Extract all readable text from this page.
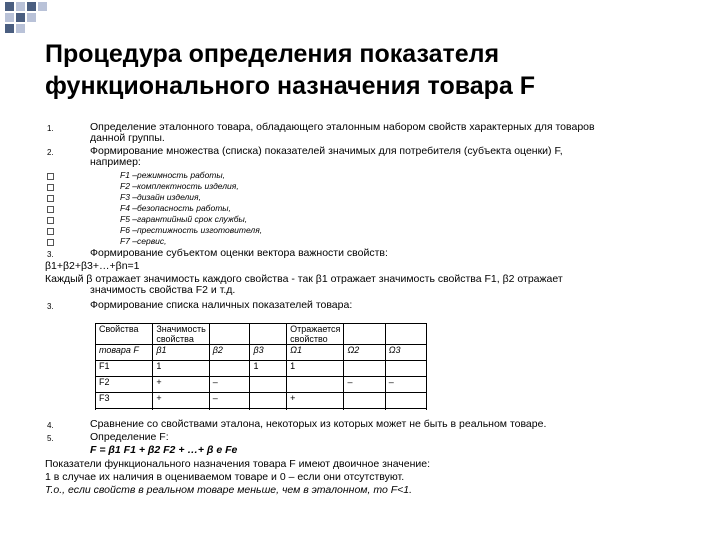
Процедура определения показателя
функционального назначения товара F
1.	Определение эталонного товара, обладающего эталонным набором свойств характерных для товаров
данной группы.
2.	Формирование множества (списка) показателей значимых для потребителя (субъекта оценки) F,
например:
F1 –режимность работы,
F2 –комплектность изделия,
F3 –дизайн изделия,
F4 –безопасность работы,
F5 –гарантийный срок службы,
F6 –престижность изготовителя,
F7 –сервис,
3.	Формирование субъектом оценки вектора важности свойств:
β1+β2+β3+…+βn=1
Каждый β отражает значимость каждого свойства - так β1 отражает значимость свойства F1, β2 отражает
значимость свойства F2 и т.д.
3.	Формирование списка наличных показателей товара:
Свойства	Значимость свойства			Отражается свойство		
товара F	β1	β2	β3	Ω1	Ω2	Ω3
F1	1		1	1		
F2	+	–			–	–
F3	+	–		+		

4.	Сравнение со свойствами эталона, некоторых из которых может не быть в реальном товаре.
5.	Определение F:
F = β1 F1 + β2 F2 + …+ β e Fe
Показатели функционального назначения товара F имеют двоичное значение:
1 в случае их наличия в оцениваемом товаре и 0 – если они отсутствуют.
Т.о., если свойств в реальном товаре меньше, чем в эталонном, то F<1.
